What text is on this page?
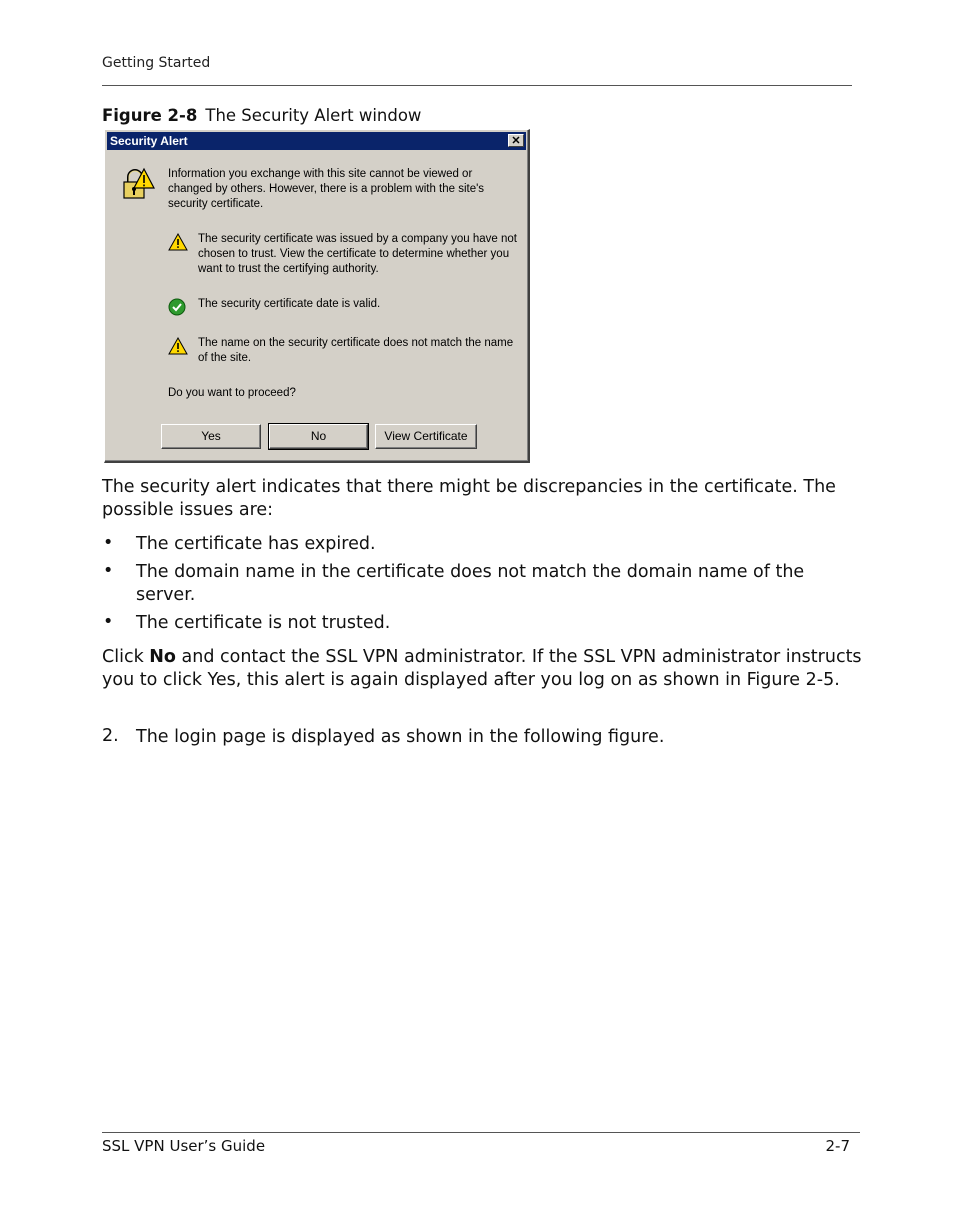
Getting Started
Figure 2-8 The Security Alert window
Security Alert	✕
Information you exchange with this site cannot be viewed or changed by others. However, there is a problem with the site's security certificate.
The security certificate was issued by a company you have not chosen to trust. View the certificate to determine whether you want to trust the certifying authority.
The security certificate date is valid.
The name on the security certificate does not match the name of the site.
Do you want to proceed?
Yes	No	View Certificate
The security alert indicates that there might be discrepancies in the certificate. The possible issues are:
• The certificate has expired.
• The domain name in the certificate does not match the domain name of the server.
• The certificate is not trusted.
Click No and contact the SSL VPN administrator. If the SSL VPN administrator instructs you to click Yes, this alert is again displayed after you log on as shown in Figure 2-5.
2. The login page is displayed as shown in the following figure.
SSL VPN User’s Guide	2-7
